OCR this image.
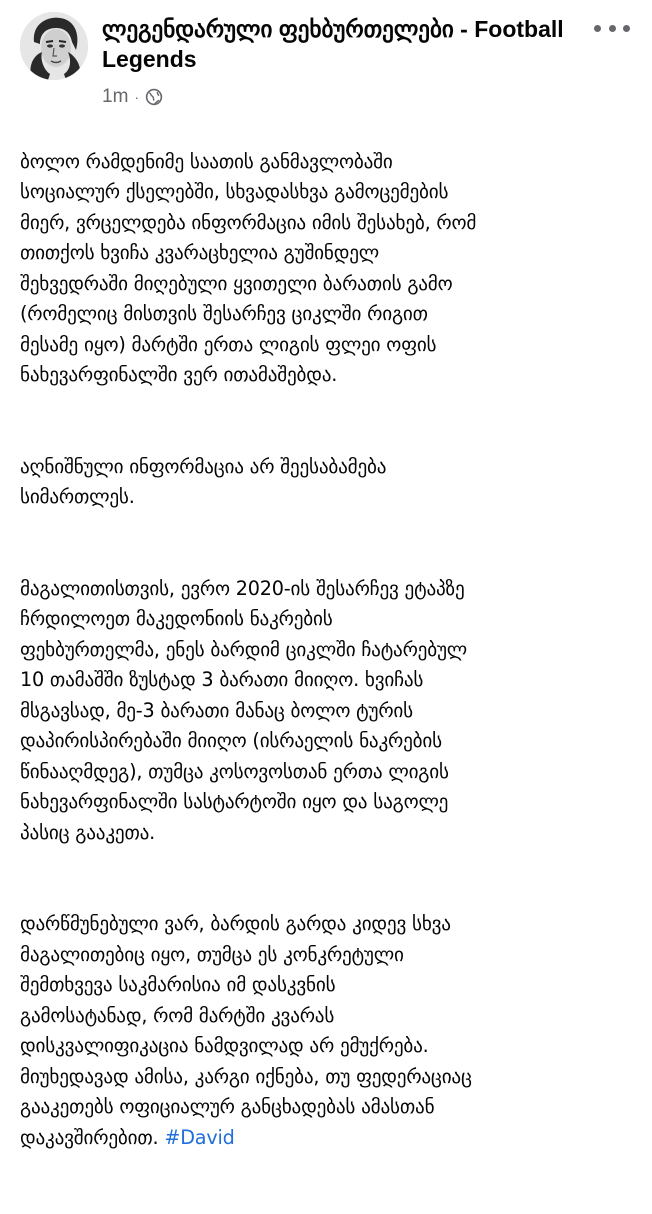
ლეგენდარული ფეხბურთელები - Football Legends
1m ·

ბოლო რამდენიმე საათის განმავლობაში
სოციალურ ქსელებში, სხვადასხვა გამოცემების
მიერ, ვრცელდება ინფორმაცია იმის შესახებ, რომ
თითქოს ხვიჩა კვარაცხელია გუშინდელ
შეხვედრაში მიღებული ყვითელი ბარათის გამო
(რომელიც მისთვის შესარჩევ ციკლში რიგით
მესამე იყო) მარტში ერთა ლიგის ფლეი ოფის
ნახევარფინალში ვერ ითამაშებდა.

აღნიშნული ინფორმაცია არ შეესაბამება
სიმართლეს.

მაგალითისთვის, ევრო 2020-ის შესარჩევ ეტაპზე
ჩრდილოეთ მაკედონიის ნაკრების
ფეხბურთელმა, ენეს ბარდიმ ციკლში ჩატარებულ
10 თამაშში ზუსტად 3 ბარათი მიიღო. ხვიჩას
მსგავსად, მე-3 ბარათი მანაც ბოლო ტურის
დაპირისპირებაში მიიღო (ისრაელის ნაკრების
წინააღმდეგ), თუმცა კოსოვოსთან ერთა ლიგის
ნახევარფინალში სასტარტოში იყო და საგოლე
პასიც გააკეთა.

დარწმუნებული ვარ, ბარდის გარდა კიდევ სხვა
მაგალითებიც იყო, თუმცა ეს კონკრეტული
შემთხვევა საკმარისია იმ დასკვნის
გამოსატანად, რომ მარტში კვარას
დისკვალიფიკაცია ნამდვილად არ ემუქრება.
მიუხედავად ამისა, კარგი იქნება, თუ ფედერაციაც
გააკეთებს ოფიციალურ განცხადებას ამასთან
დაკავშირებით. #David
